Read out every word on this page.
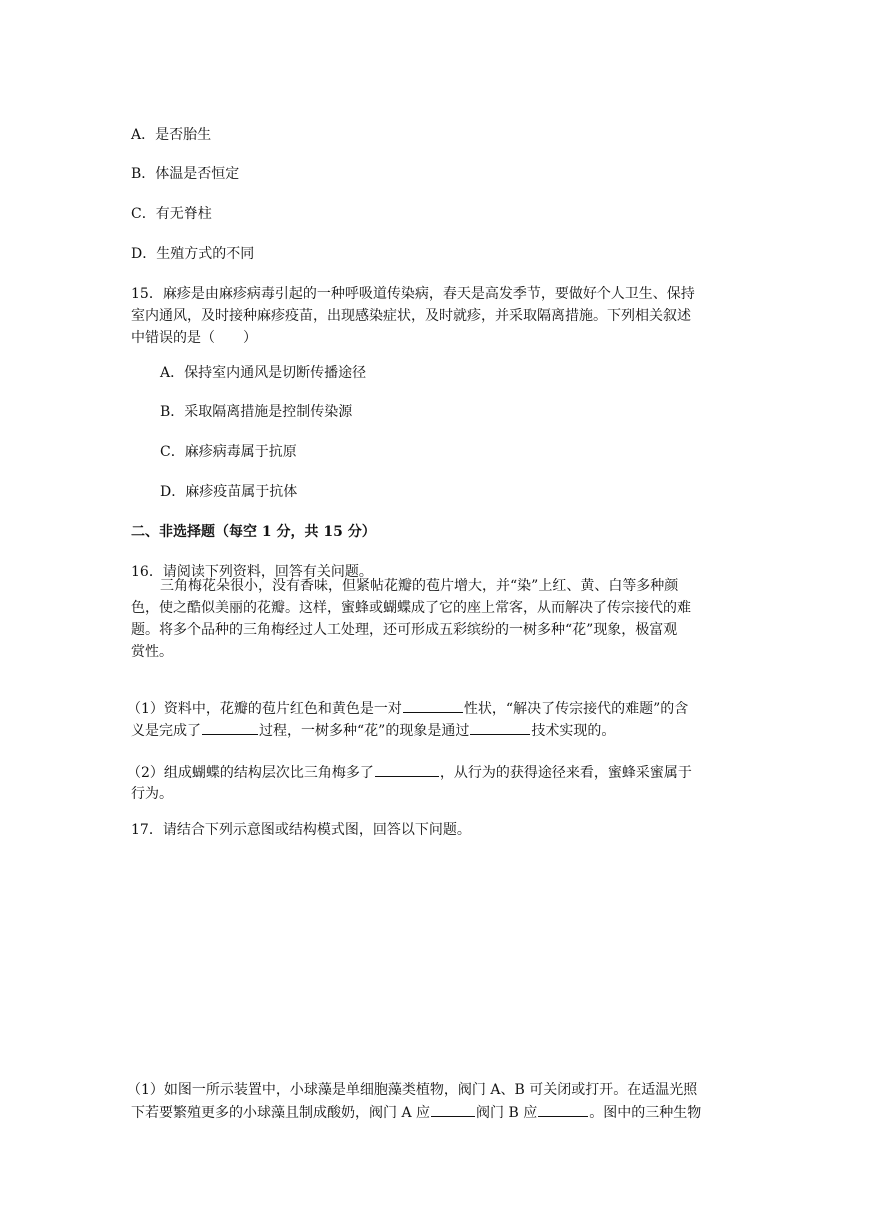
A．是否胎生
B．体温是否恒定
C．有无脊柱
D．生殖方式的不同
15．麻疹是由麻疹病毒引起的一种呼吸道传染病，春天是高发季节，要做好个人卫生、保持
室内通风，及时接种麻疹疫苗，出现感染症状，及时就疹，并采取隔离措施。下列相关叙述
中错误的是（　　）
A．保持室内通风是切断传播途径
B．采取隔离措施是控制传染源
C．麻疹病毒属于抗原
D．麻疹疫苗属于抗体
二、非选择题（每空 1 分，共 15 分）
16．请阅读下列资料，回答有关问题。
三角梅花朵很小，没有香味，但紧帖花瓣的苞片增大，并“染”上红、黄、白等多种颜
色，使之酷似美丽的花瓣。这样，蜜蜂或蝴蝶成了它的座上常客，从而解决了传宗接代的难
题。将多个品种的三角梅经过人工处理，还可形成五彩缤纷的一树多种“花”现象，极富观
赏性。
（1）资料中，花瓣的苞片红色和黄色是一对	性状，“解决了传宗接代的难题”的含
义是完成了	过程，一树多种“花”的现象是通过	技术实现的。
（2）组成蝴蝶的结构层次比三角梅多了	，从行为的获得途径来看，蜜蜂采蜜属于
行为。
17．请结合下列示意图或结构模式图，回答以下问题。
（1）如图一所示装置中，小球藻是单细胞藻类植物，阀门 A、B 可关闭或打开。在适温光照
下若要繁殖更多的小球藻且制成酸奶，阀门 A 应	阀门 B 应	。图中的三种生物
